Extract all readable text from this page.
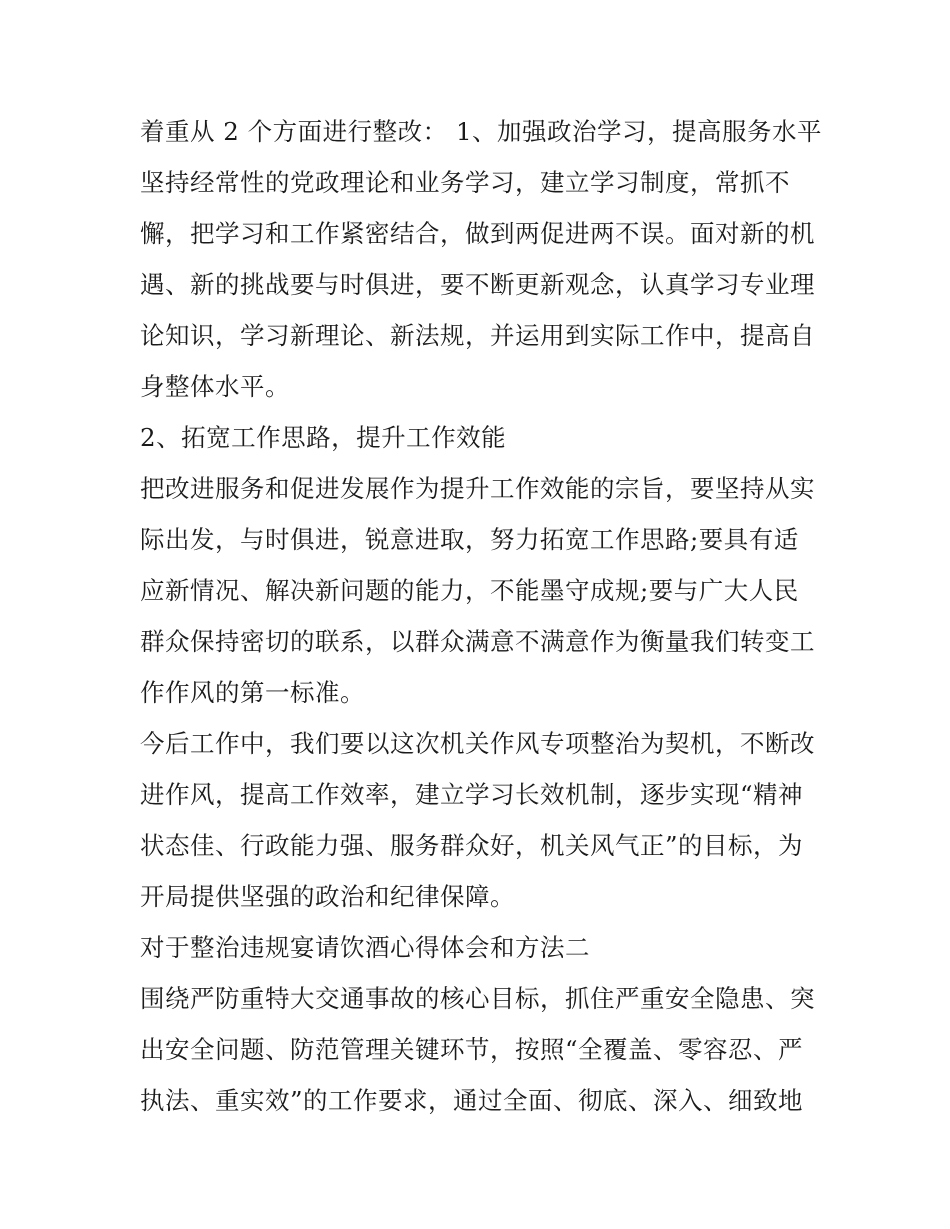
着重从 2 个方面进行整改： 1、加强政治学习，提高服务水平
坚持经常性的党政理论和业务学习，建立学习制度，常抓不
懈，把学习和工作紧密结合，做到两促进两不误。面对新的机
遇、新的挑战要与时俱进，要不断更新观念，认真学习专业理
论知识，学习新理论、新法规，并运用到实际工作中，提高自
身整体水平。
2、拓宽工作思路，提升工作效能
把改进服务和促进发展作为提升工作效能的宗旨，要坚持从实
际出发，与时俱进，锐意进取，努力拓宽工作思路;要具有适
应新情况、解决新问题的能力，不能墨守成规;要与广大人民
群众保持密切的联系，以群众满意不满意作为衡量我们转变工
作作风的第一标准。
今后工作中，我们要以这次机关作风专项整治为契机，不断改
进作风，提高工作效率，建立学习长效机制，逐步实现“精神
状态佳、行政能力强、服务群众好，机关风气正”的目标，为
开局提供坚强的政治和纪律保障。
对于整治违规宴请饮酒心得体会和方法二
围绕严防重特大交通事故的核心目标，抓住严重安全隐患、突
出安全问题、防范管理关键环节，按照“全覆盖、零容忍、严
执法、重实效”的工作要求，通过全面、彻底、深入、细致地
